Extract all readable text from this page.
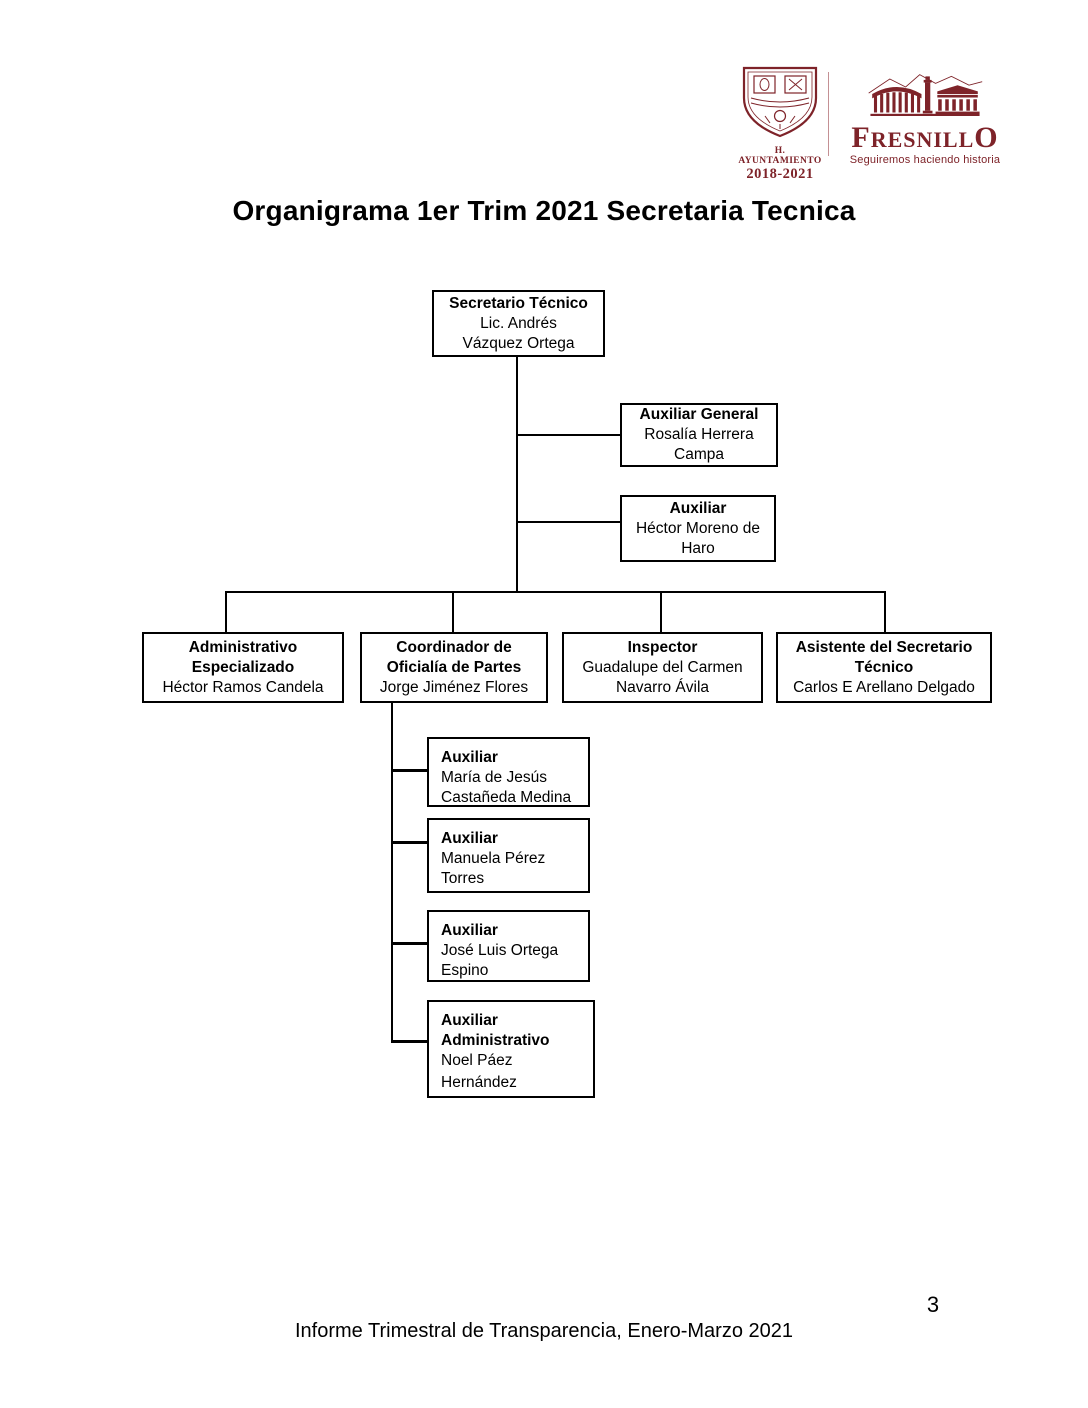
H. AYUNTAMIENTO
2018-2021
FRESNILLO
Seguiremos haciendo historia
Organigrama 1er Trim 2021 Secretaria Tecnica
Secretario Técnico
Lic. Andrés
Vázquez Ortega
Auxiliar General
Rosalía Herrera
Campa
Auxiliar
Héctor Moreno de
Haro
Administrativo
Especializado
Héctor Ramos Candela
Coordinador de
Oficialía de Partes
Jorge Jiménez Flores
Inspector
Guadalupe del Carmen
Navarro Ávila
Asistente del Secretario
Técnico
Carlos E Arellano Delgado
Auxiliar
María de Jesús
Castañeda Medina
Auxiliar
Manuela Pérez
Torres
Auxiliar
José Luis Ortega
Espino
Auxiliar
Administrativo
Noel Páez
Hernández
3
Informe Trimestral de Transparencia, Enero-Marzo 2021
